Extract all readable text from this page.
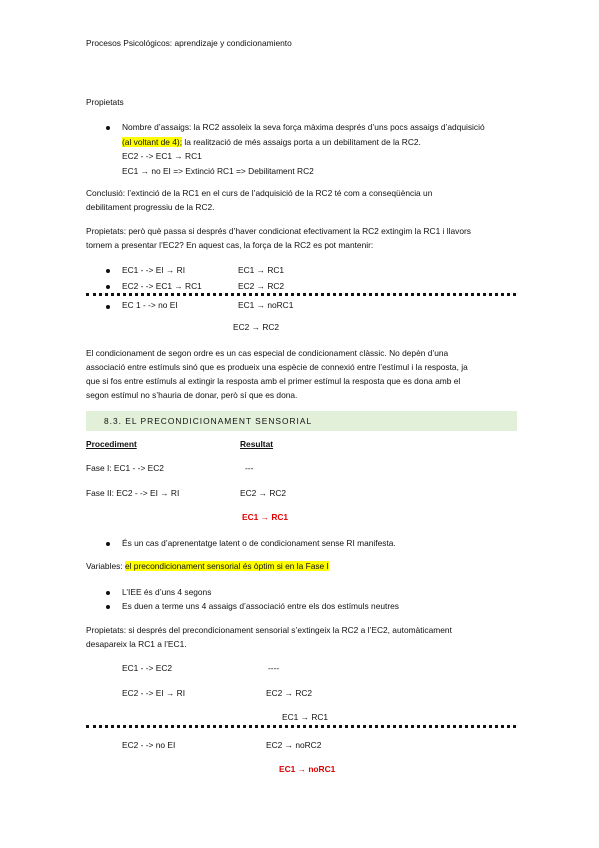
Procesos Psicológicos: aprendizaje y condicionamiento
Propietats
Nombre d’assaigs: la RC2 assoleix la seva força màxima després d’uns pocs assaigs d’adquisició
(al voltant de 4); la realització de més assaigs porta a un debilitament de la RC2.
EC2 - -> EC1 → RC1
EC1 → no EI => Extinció RC1 => Debilitament RC2
Conclusió: l’extinció de la RC1 en el curs de l’adquisició de la RC2 té com a conseqüència un
debilitament progressiu de la RC2.
Propietats: però què passa si després d’haver condicionat efectivament la RC2 extingim la RC1 i llavors
tornem a presentar l’EC2? En aquest cas, la força de la RC2 es pot mantenir:
EC1 - -> EI → RI	EC1 → RC1
EC2 - -> EC1 → RC1	EC2 → RC2
EC 1 - -> no EI	EC1 → noRC1
EC2 → RC2
El condicionament de segon ordre es un cas especial de condicionament clàssic. No depèn d’una
associació entre estímuls sinó que es produeix una espècie de connexió entre l’estímul i la resposta, ja
que si fos entre estímuls al extingir la resposta amb el primer estímul la resposta que es dona amb el
segon estímul no s’hauria de donar, però sí que es dona.
8.3. EL PRECONDICIONAMENT SENSORIAL
Procediment	Resultat
Fase I: EC1 - -> EC2	---
Fase II: EC2 - -> EI → RI	EC2 → RC2
EC1 → RC1
És un cas d’aprenentatge latent o de condicionament sense RI manifesta.
Variables: el precondicionament sensorial és òptim si en la Fase I
L’IEE és d’uns 4 segons
Es duen a terme uns 4 assaigs d’associació entre els dos estímuls neutres
Propietats: si després del precondicionament sensorial s’extingeix la RC2 a l’EC2, automàticament
desapareix la RC1 a l’EC1.
EC1 - -> EC2	----
EC2 - -> EI → RI	EC2 → RC2
EC1 → RC1
EC2 - -> no EI	EC2 → noRC2
EC1 → noRC1
